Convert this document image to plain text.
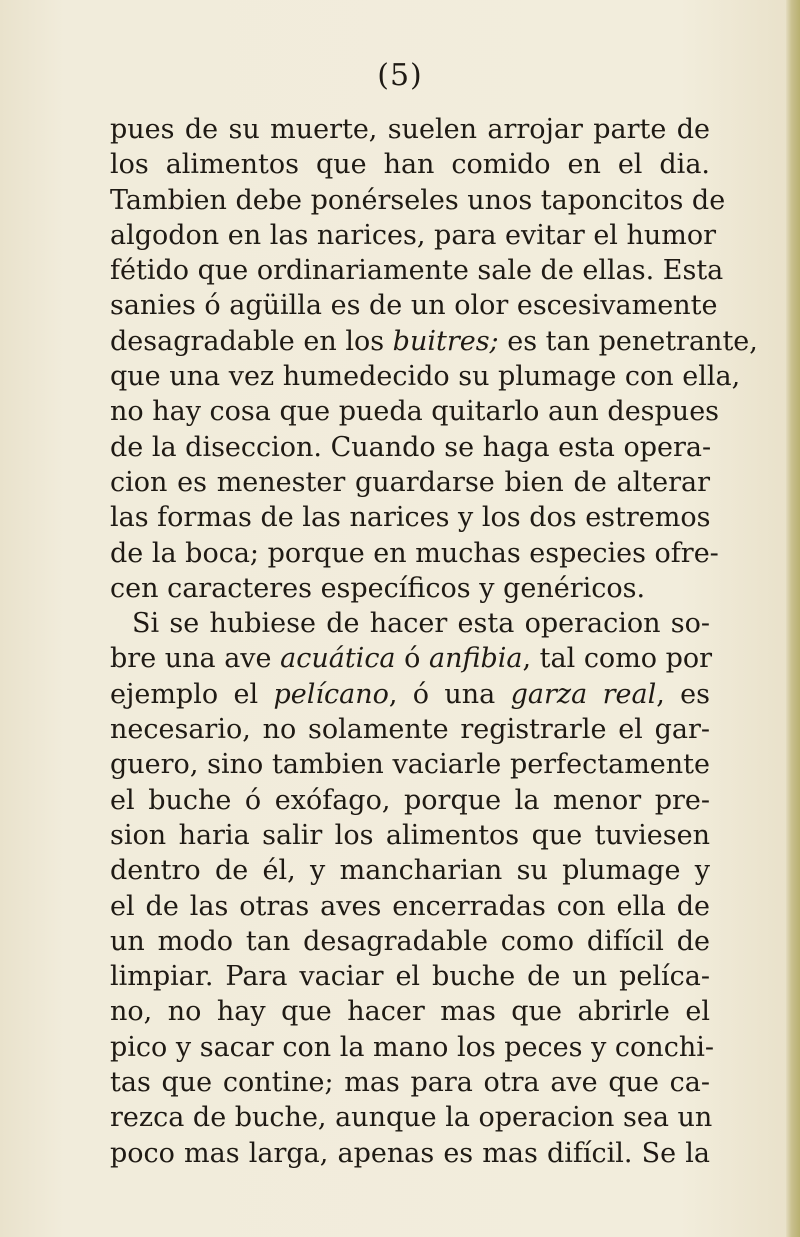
(5)
pues de su muerte, suelen arrojar parte de
los alimentos que han comido en el dia.
Tambien debe ponérseles unos taponcitos de
algodon en las narices, para evitar el humor
fétido que ordinariamente sale de ellas. Esta
sanies ó agüilla es de un olor escesivamente
desagradable en los buitres; es tan penetrante,
que una vez humedecido su plumage con ella,
no hay cosa que pueda quitarlo aun despues
de la diseccion. Cuando se haga esta opera-
cion es menester guardarse bien de alterar
las formas de las narices y los dos estremos
de la boca; porque en muchas especies ofre-
cen caracteres específicos y genéricos.
Si se hubiese de hacer esta operacion so-
bre una ave acuática ó anfibia, tal como por
ejemplo el pelícano, ó una garza real, es
necesario, no solamente registrarle el gar-
guero, sino tambien vaciarle perfectamente
el buche ó exófago, porque la menor pre-
sion haria salir los alimentos que tuviesen
dentro de él, y mancharian su plumage y
el de las otras aves encerradas con ella de
un modo tan desagradable como difícil de
limpiar. Para vaciar el buche de un pelíca-
no, no hay que hacer mas que abrirle el
pico y sacar con la mano los peces y conchi-
tas que contine; mas para otra ave que ca-
rezca de buche, aunque la operacion sea un
poco mas larga, apenas es mas difícil. Se la
